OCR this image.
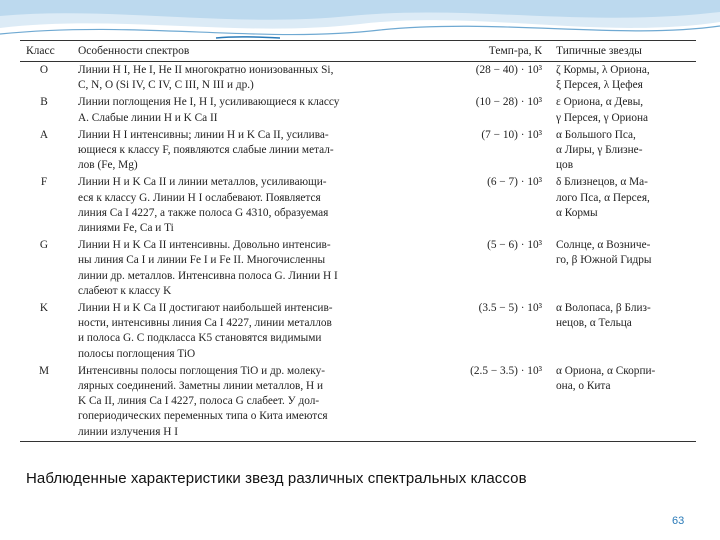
Класс	Особенности спектров	Темп-ра, К	Типичные звезды
O	Линии H I, He I, He II многократно ионизованных Si,
C, N, O (Si IV, C IV, C III, N III и др.)	(28 − 40) · 10³	ζ Кормы, λ Ориона,
ξ Персея, λ Цефея

B	Линии поглощения He I, H I, усиливающиеся к классу
A. Слабые линии H и K Ca II	(10 − 28) · 10³	ε Ориона, α Девы,
γ Персея, γ Ориона

A	Линии H I интенсивны; линии H и K Ca II, усилива-
ющиеся к классу F, появляются слабые линии метал-
лов (Fe, Mg)	(7 − 10) · 10³	α Большого Пса,
α Лиры, γ Близне-
цов

F	Линии H и K Ca II и линии металлов, усиливающи-
еся к классу G. Линии H I ослабевают. Появляется
линия Ca I 4227, а также полоса G 4310, образуемая
линиями Fe, Ca и Ti	(6 − 7) · 10³	δ Близнецов, α Ма-
лого Пса, α Персея,
α Кормы

G	Линии H и K Ca II интенсивны. Довольно интенсив-
ны линия Ca I и линии Fe I и Fe II. Многочисленны
линии др. металлов. Интенсивна полоса G. Линии H I
слабеют к классу K	(5 − 6) · 10³	Солнце, α Возниче-
го, β Южной Гидры

K	Линии H и K Ca II достигают наибольшей интенсив-
ности, интенсивны линия Ca I 4227, линии металлов
и полоса G. С подкласса K5 становятся видимыми
полосы поглощения TiO	(3.5 − 5) · 10³	α Волопаса, β Близ-
нецов, α Тельца

M	Интенсивны полосы поглощения TiO и др. молеку-
лярных соединений. Заметны линии металлов, H и
K Ca II, линия Ca I 4227, полоса G слабеет. У дол-
гопериодических переменных типа о Кита имеются
линии излучения H I	(2.5 − 3.5) · 10³	α Ориона, α Скорпи-
она, о Кита
Наблюденные характеристики звезд различных спектральных классов
63
